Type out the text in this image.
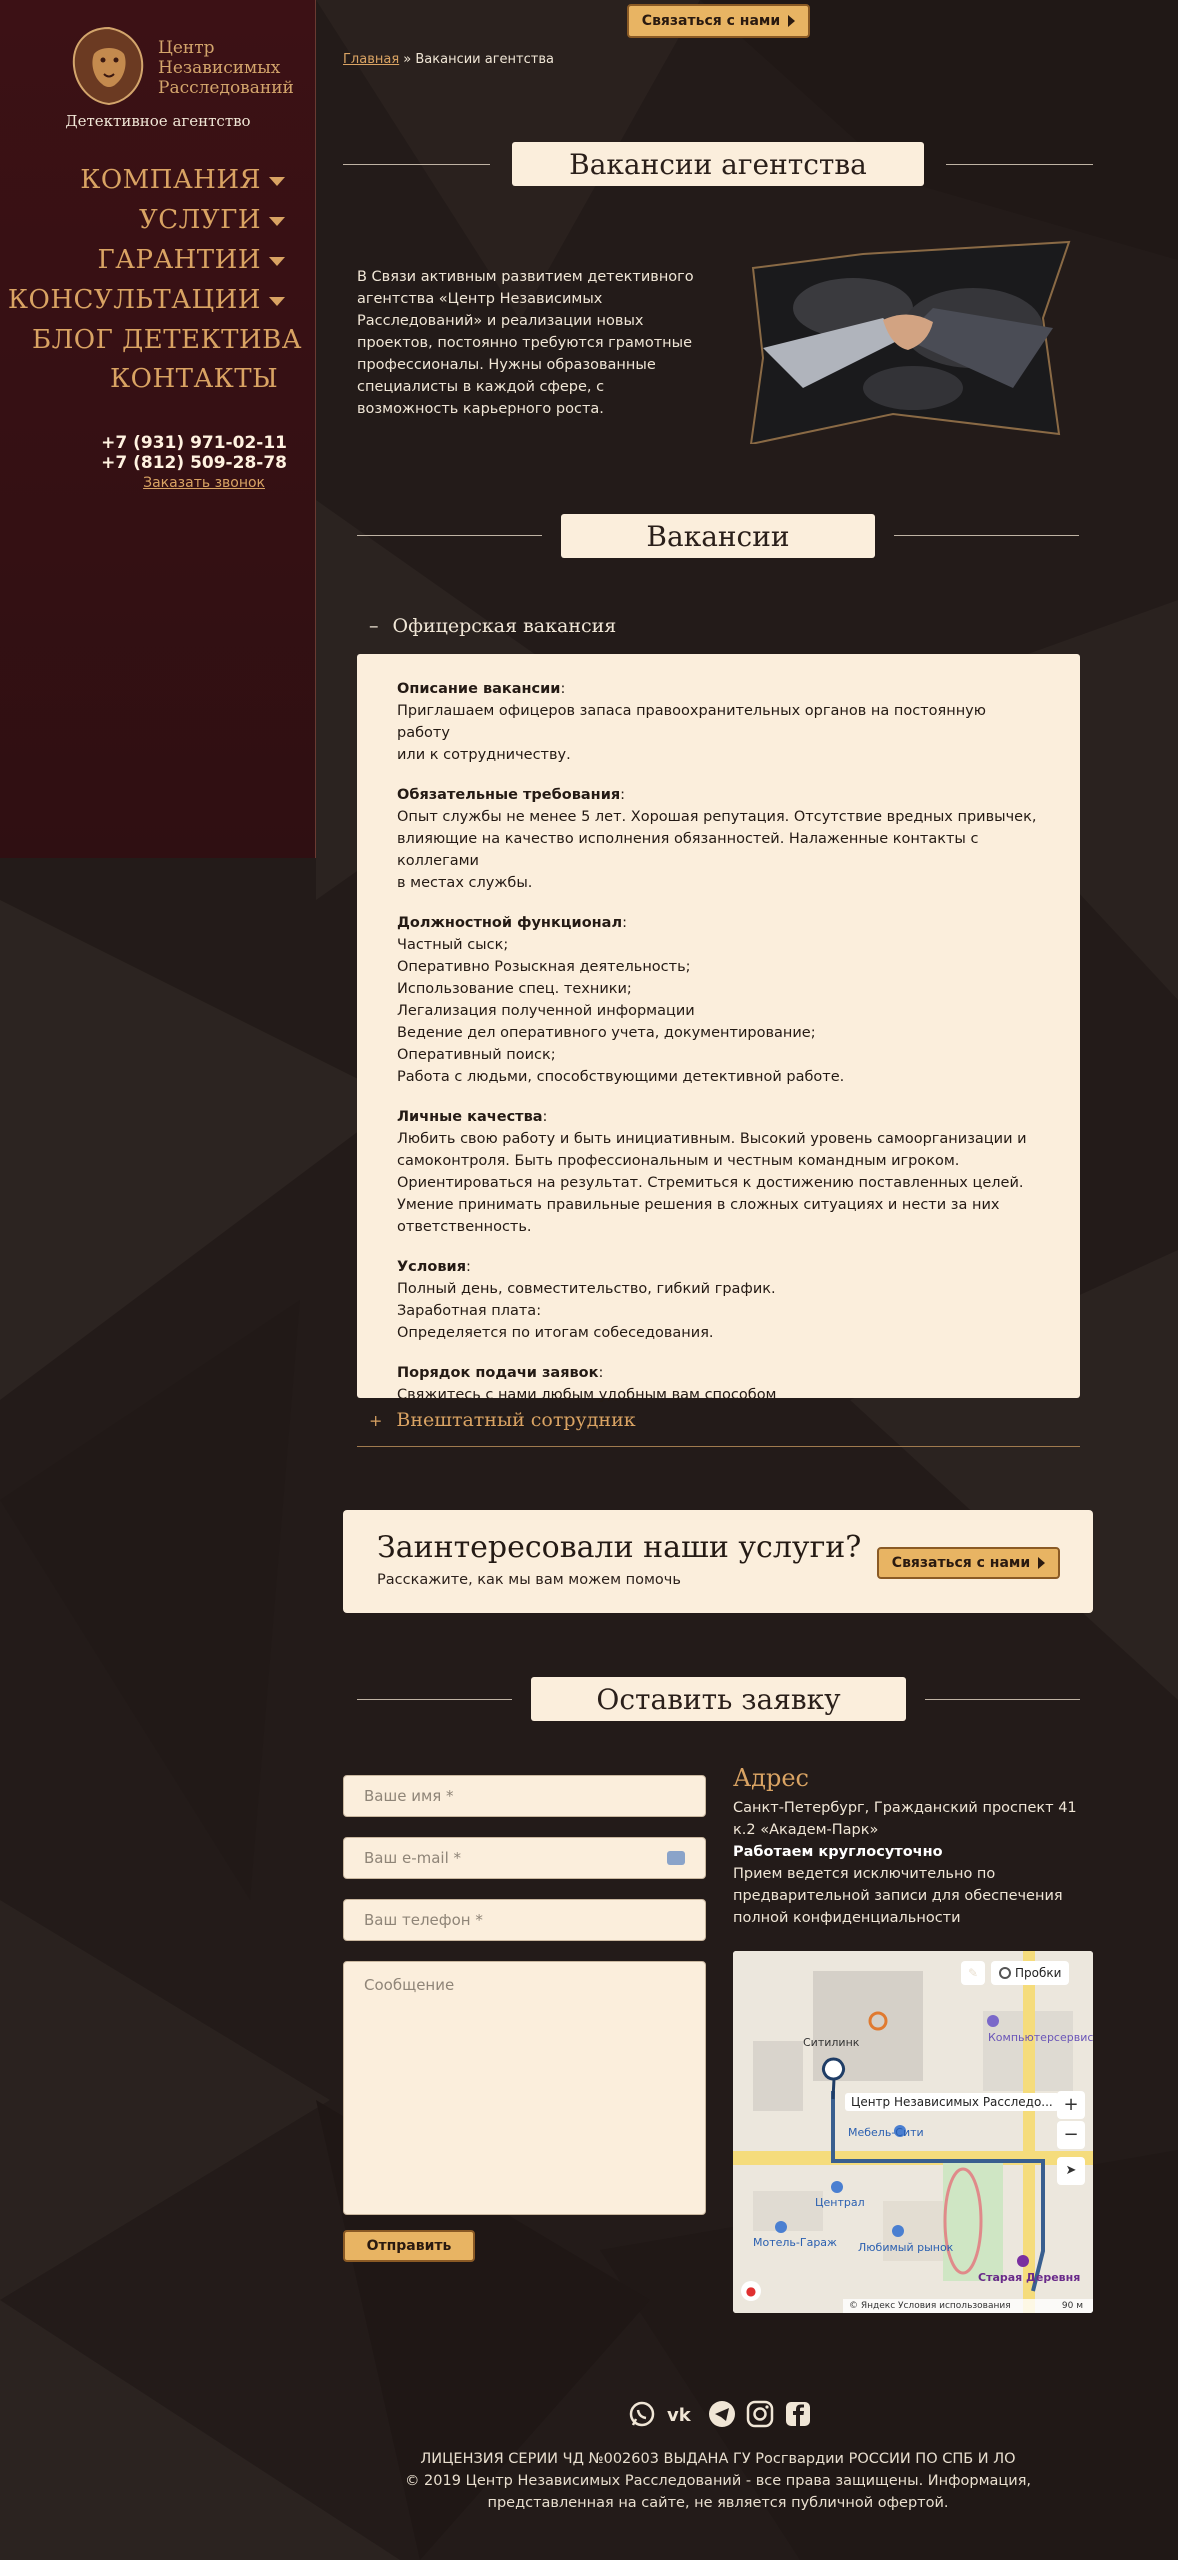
Центр
Независимых
Расследований
Детективное агентство
КОМПАНИЯ
УСЛУГИ
ГАРАНТИИ
КОНСУЛЬТАЦИИ
БЛОГ ДЕТЕКТИВА
КОНТАКТЫ
+7 (931) 971-02-11
+7 (812) 509-28-78
Заказать звонок
Связаться с нами
Главная » Вакансии агентства
Вакансии агентства
В Связи активным развитием детективного агентства «Центр Независимых Расследований» и реализации новых проектов, постоянно требуются грамотные профессионалы. Нужны образованные специалисты в каждой сфере, с возможность карьерного роста.
Вакансии
– Офицерская вакансия
Описание вакансии:
Приглашаем офицеров запаса правоохранительных органов на постоянную работу
или к сотрудничеству.
Обязательные требования:
Опыт службы не менее 5 лет. Хорошая репутация. Отсутствие вредных привычек,
влияющие на качество исполнения обязанностей. Налаженные контакты с коллегами
в местах службы.
Должностной функционал:
Частный сыск;
Оперативно Розыскная деятельность;
Использование спец. техники;
Легализация полученной информации
Ведение дел оперативного учета, документирование;
Оперативный поиск;
Работа с людьми, способствующими детективной работе.
Личные качества:
Любить свою работу и быть инициативным. Высокий уровень самоорганизации и
самоконтроля. Быть профессиональным и честным командным игроком.
Ориентироваться на результат. Стремиться к достижению поставленных целей.
Умение принимать правильные решения в сложных ситуациях и нести за них
ответственность.
Условия:
Полный день, совместительство, гибкий график.
Заработная плата:
Определяется по итогам собеседования.
Порядок подачи заявок:
Свяжитесь с нами любым удобным вам способом
+ Внештатный сотрудник
Заинтересовали наши услуги?
Расскажите, как мы вам можем помочь
Связаться с нами
Оставить заявку
Ваше имя *
Ваш e-mail *
Ваш телефон *
Сообщение
Отправить
Адрес
Санкт-Петербург, Гражданский проспект 41 к.2 «Академ-Парк»
Работаем круглосуточно
Прием ведется исключительно по предварительной записи для обеспечения полной конфиденциальности
Ситилинк	Компьютерсервис
Мебель-Сити
Централ
Мотель-Гараж Любимый рынок
Старая Деревня
Центр Независимых Расследо...
✎	Пробки
+
−
➤
●
© Яндекс Условия использования	90 м
vk
ЛИЦЕНЗИЯ СЕРИИ ЧД №002603 ВЫДАНА ГУ Росгвардии РОССИИ ПО СПБ И ЛО
© 2019 Центр Независимых Расследований - все права защищены. Информация, представленная на сайте, не является публичной офертой.
